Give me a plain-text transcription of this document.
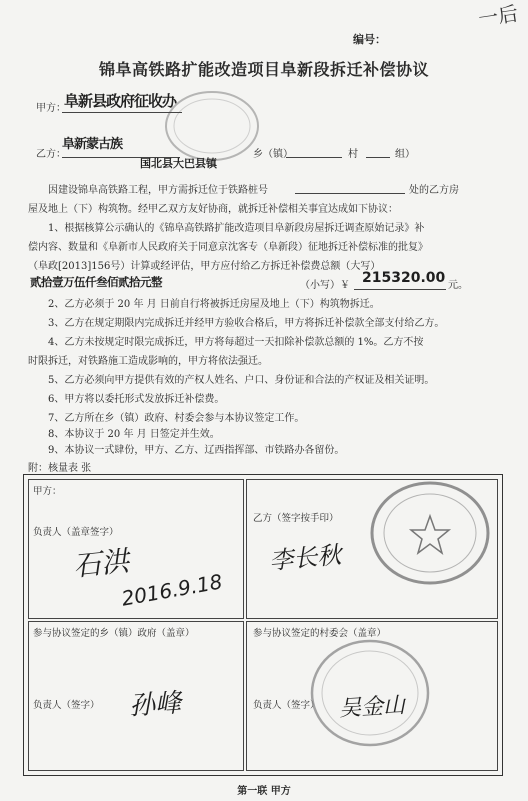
一后
编号：
锦阜高铁路扩能改造项目阜新段拆迁补偿协议
甲方：
阜新县政府征收办
乙方：
阜新蒙古族
乡（镇）	村	组）
国北县大巴县镇
因建设锦阜高铁路工程，甲方需拆迁位于铁路桩号	处的乙方房
屋及地上（下）构筑物。经甲乙双方友好协商，就拆迁补偿相关事宜达成如下协议：
1、根据核算公示确认的《锦阜高铁路扩能改造项目阜新段房屋拆迁调查原始记录》补
偿内容、数量和《阜新市人民政府关于同意京沈客专（阜新段）征地拆迁补偿标准的批复》
（阜政[2013]156号）计算或经评估，甲方应付给乙方拆迁补偿费总额（大写）
贰拾壹万伍仟叁佰贰拾元整	（小写）￥ 215320.00 元。
2、乙方必须于 20 年 月 日前自行将被拆迁房屋及地上（下）构筑物拆迁。
3、乙方在规定期限内完成拆迁并经甲方验收合格后，甲方将拆迁补偿款全部支付给乙方。
4、乙方未按规定时限完成拆迁，甲方将每超过一天扣除补偿款总额的 1%。乙方不按
时限拆迁，对铁路施工造成影响的，甲方将依法强迁。
5、乙方必须向甲方提供有效的产权人姓名、户口、身份证和合法的产权证及相关证明。
6、甲方将以委托形式发放拆迁补偿费。
7、乙方所在乡（镇）政府、村委会参与本协议签定工作。
8、本协议于 20 年 月 日签定并生效。
9、本协议一式肆份，甲方、乙方、辽西指挥部、市铁路办各留份。
附：核量表 张
甲方：
负责人（盖章签字）
石洪
2016.9.18
乙方（签字按手印）
李长秋
参与协议签定的乡（镇）政府（盖章）
负责人（签字） 孙峰
参与协议签定的村委会（盖章）
负责人（签字） 吴金山
第一联 甲方
